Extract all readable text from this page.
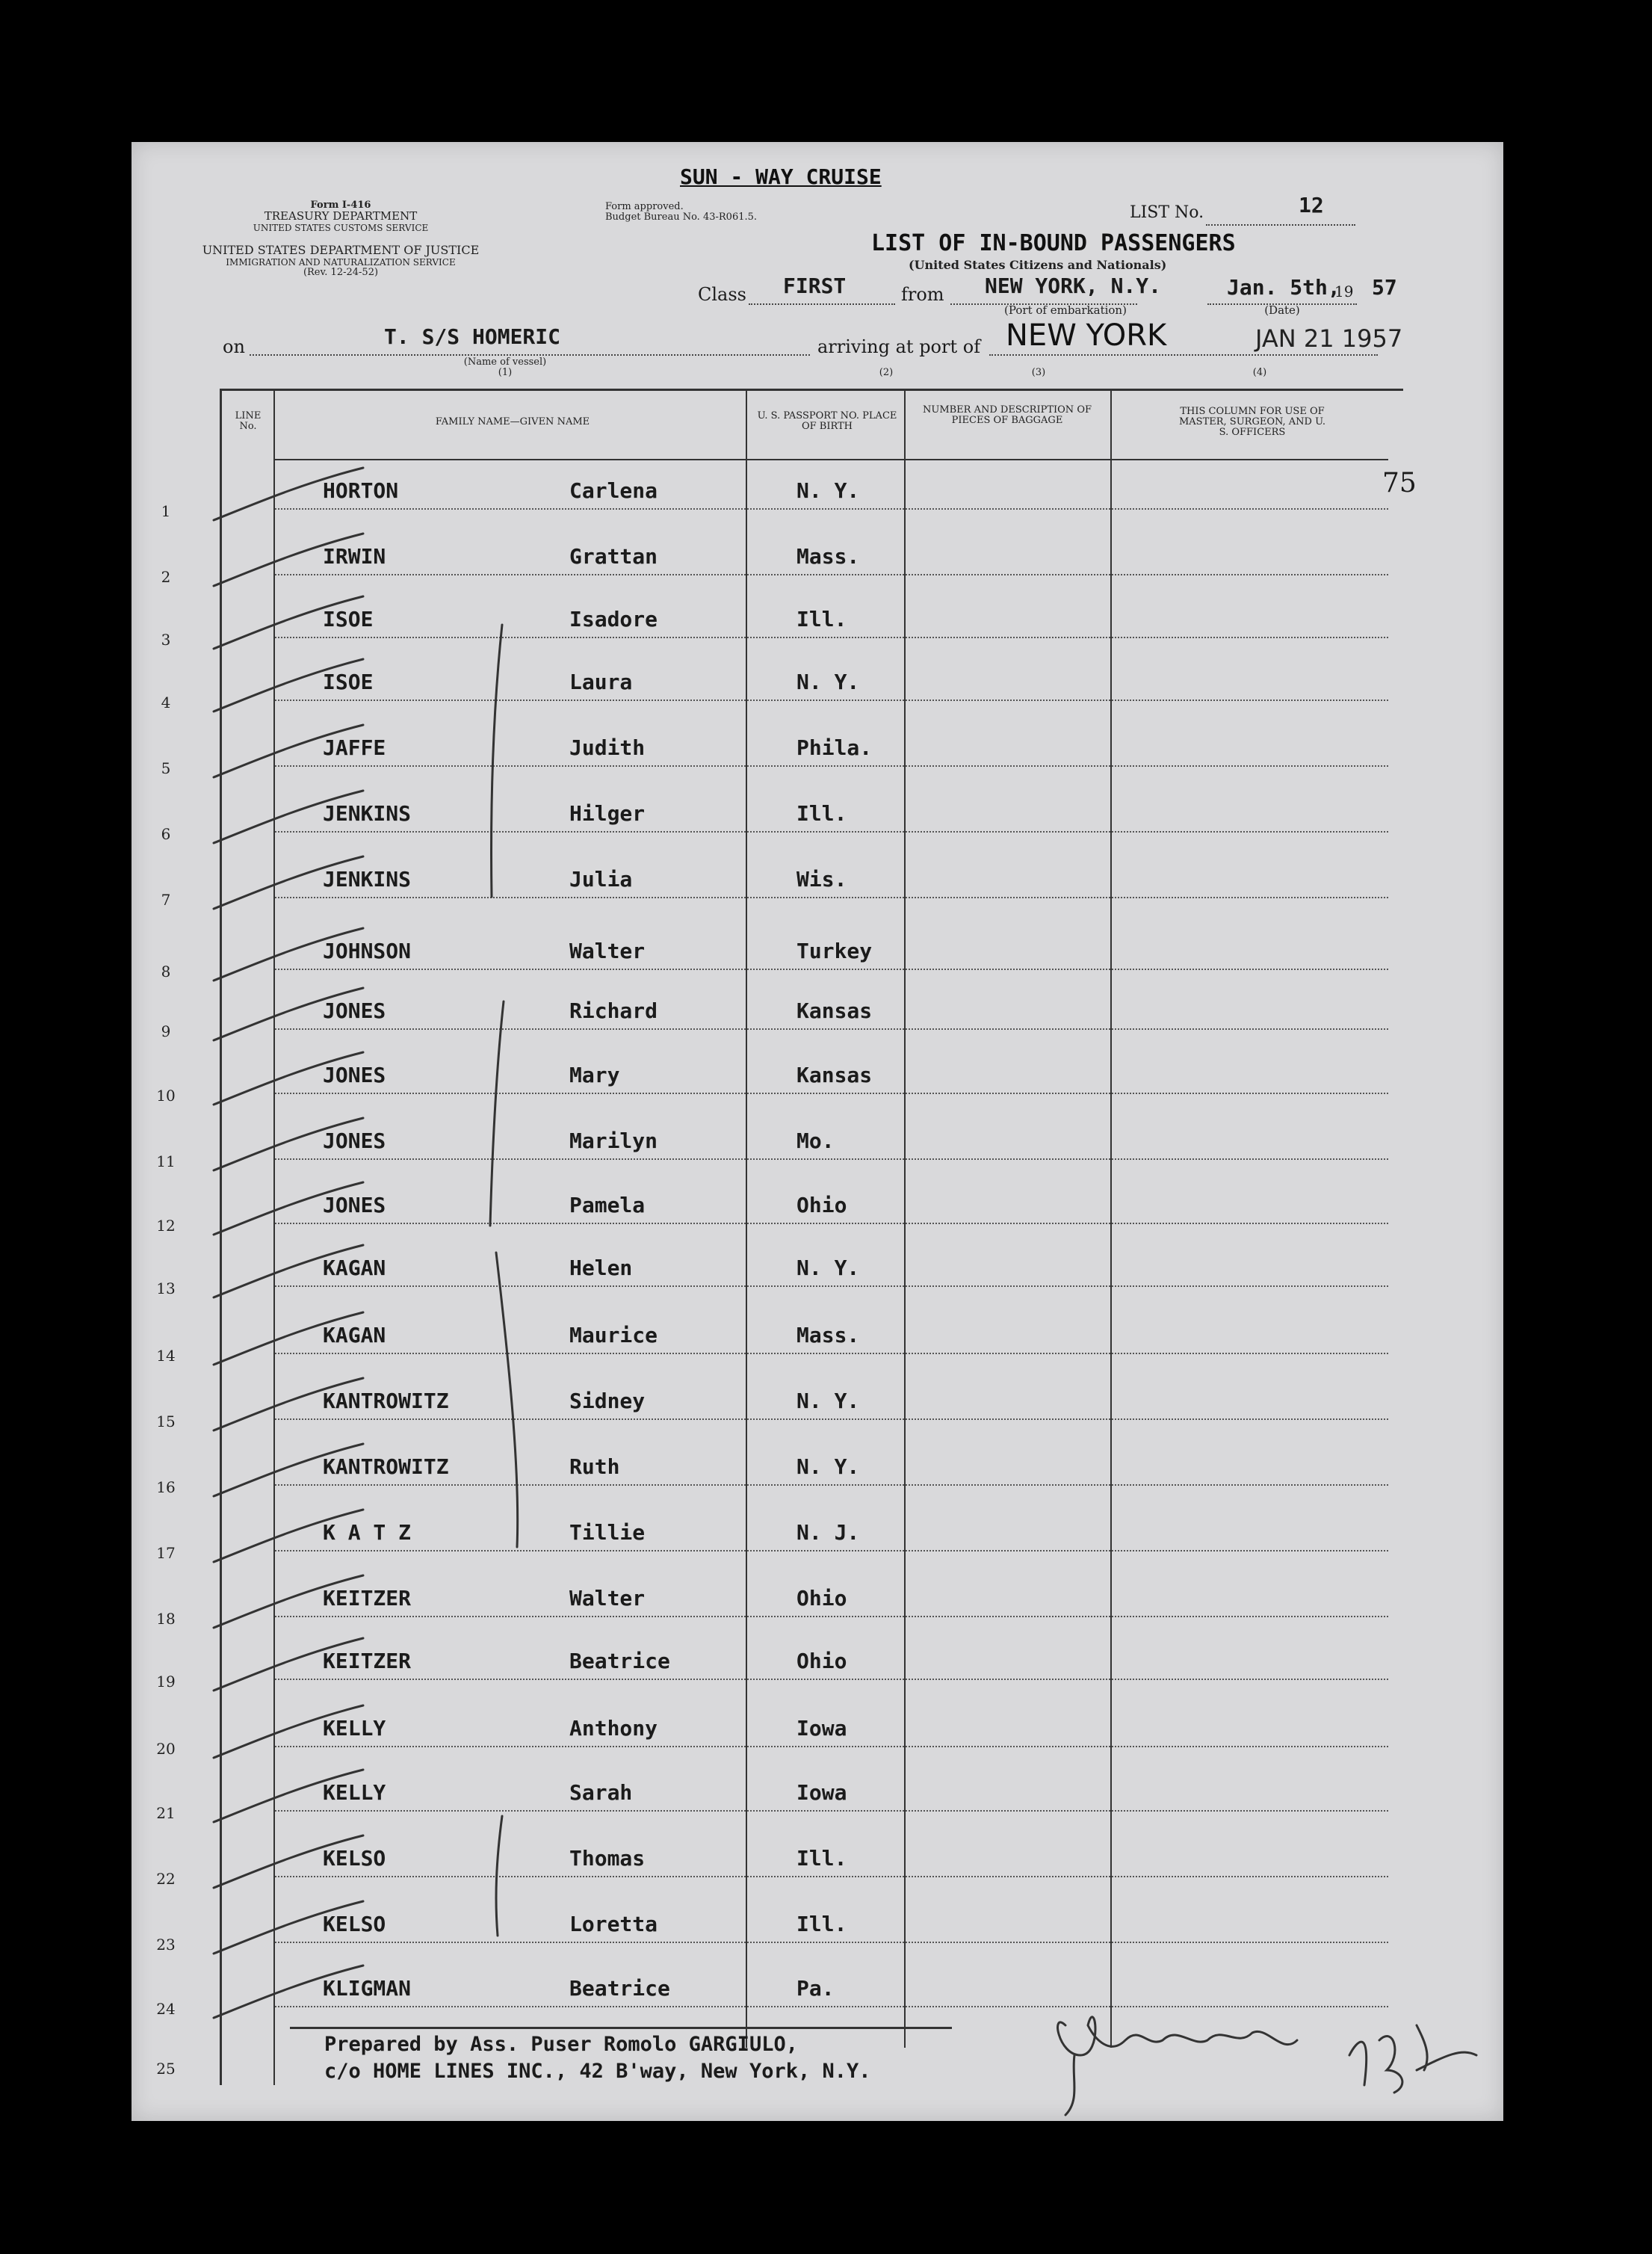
SUN - WAY CRUISE
Form I-416
TREASURY DEPARTMENT
UNITED STATES CUSTOMS SERVICE
UNITED STATES DEPARTMENT OF JUSTICE
IMMIGRATION AND NATURALIZATION SERVICE
(Rev. 12-24-52)
Form approved.
Budget Bureau No. 43-R061.5.	LIST No.	12
LIST OF IN-BOUND PASSENGERS
(United States Citizens and Nationals)
Class FIRST	from NEW YORK, N.Y.
(Port of embarkation)
Jan. 5th,
19 57
(Date)
on	T. S/S HOMERIC
(Name of vessel)
(1)
arriving at port of NEW YORK
(2)	(3)
JAN 21 1957
(4)
LINE No.	FAMILY NAME—GIVEN NAME
U. S. PASSPORT NO. PLACE OF BIRTH
NUMBER AND DESCRIPTION OF PIECES OF BAGGAGE
THIS COLUMN FOR USE OF MASTER, SURGEON, AND U. S. OFFICERS
75
1
HORTON	Carlena	N. Y.
2
IRWIN	Grattan	Mass.
3
ISOE	Isadore	Ill.
4
ISOE	Laura	N. Y.
5
JAFFE	Judith	Phila.
6
JENKINS	Hilger	Ill.
7
JENKINS	Julia	Wis.
8
JOHNSON	Walter	Turkey
9
JONES	Richard	Kansas
10
JONES	Mary	Kansas
11
JONES	Marilyn	Mo.
12
JONES	Pamela	Ohio
13
KAGAN	Helen	N. Y.
14
KAGAN	Maurice	Mass.
15
KANTROWITZ	Sidney	N. Y.
16
KANTROWITZ	Ruth	N. Y.
17
K A T Z	Tillie	N. J.
18
KEITZER	Walter	Ohio
19
KEITZER	Beatrice	Ohio
20
KELLY	Anthony	Iowa
21
KELLY	Sarah	Iowa
22
KELSO	Thomas	Ill.
23
KELSO	Loretta	Ill.
24
KLIGMAN	Beatrice	Pa.
25
Prepared by Ass. Puser Romolo GARGIULO,
c/o HOME LINES INC., 42 B'way, New York, N.Y.
